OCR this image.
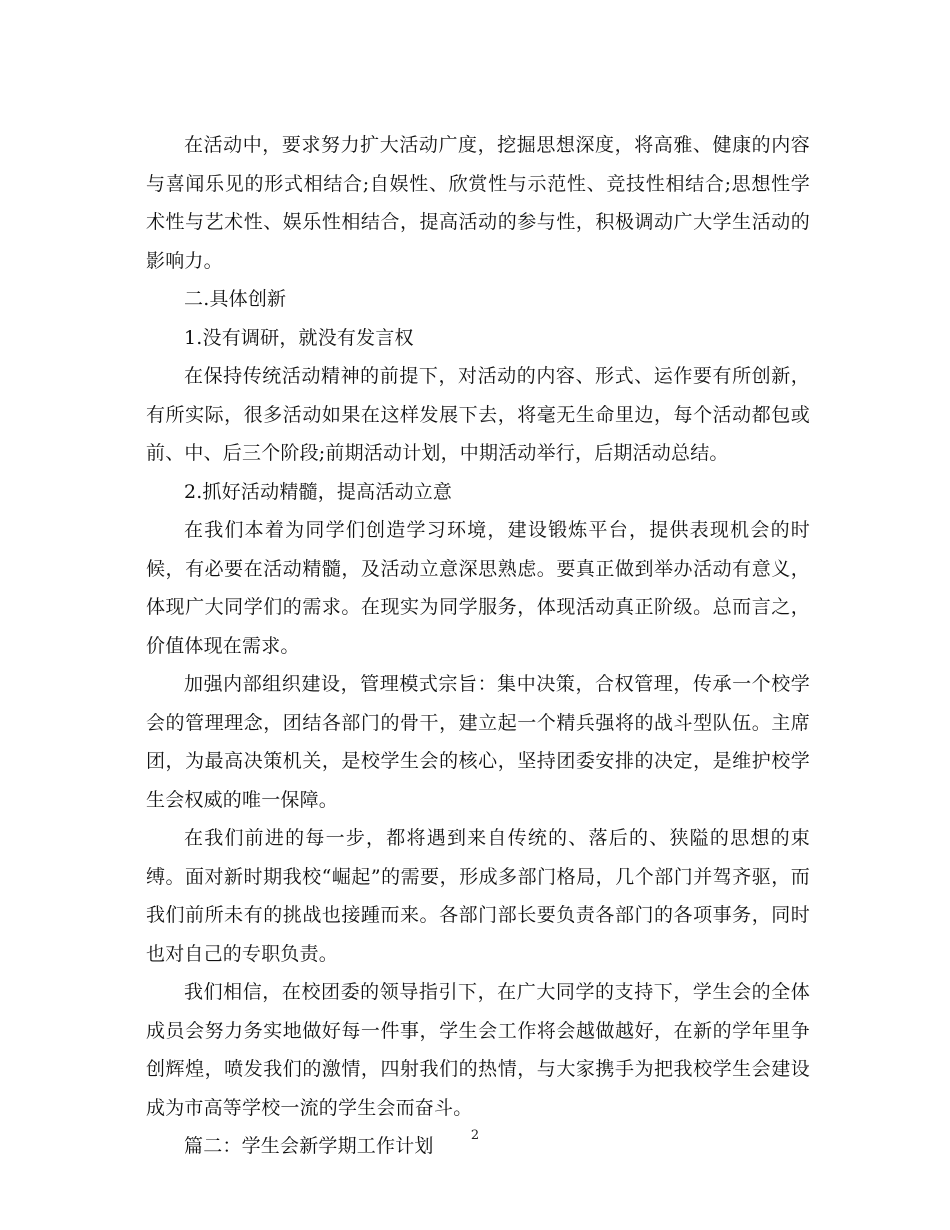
在活动中，要求努力扩大活动广度，挖掘思想深度，将高雅、健康的内容与喜闻乐见的形式相结合;自娱性、欣赏性与示范性、竞技性相结合;思想性学术性与艺术性、娱乐性相结合，提高活动的参与性，积极调动广大学生活动的影响力。

二.具体创新

1.没有调研，就没有发言权

在保持传统活动精神的前提下，对活动的内容、形式、运作要有所创新，有所实际，很多活动如果在这样发展下去，将毫无生命里边，每个活动都包或前、中、后三个阶段;前期活动计划，中期活动举行，后期活动总结。

2.抓好活动精髓，提高活动立意

在我们本着为同学们创造学习环境，建设锻炼平台，提供表现机会的时候，有必要在活动精髓，及活动立意深思熟虑。要真正做到举办活动有意义，体现广大同学们的需求。在现实为同学服务，体现活动真正阶级。总而言之，价值体现在需求。

加强内部组织建设，管理模式宗旨：集中决策，合权管理，传承一个校学会的管理理念，团结各部门的骨干，建立起一个精兵强将的战斗型队伍。主席团，为最高决策机关，是校学生会的核心，坚持团委安排的决定，是维护校学生会权威的唯一保障。

在我们前进的每一步，都将遇到来自传统的、落后的、狭隘的思想的束缚。面对新时期我校“崛起”的需要，形成多部门格局，几个部门并驾齐驱，而我们前所未有的挑战也接踵而来。各部门部长要负责各部门的各项事务，同时也对自己的专职负责。

我们相信，在校团委的领导指引下，在广大同学的支持下，学生会的全体成员会努力务实地做好每一件事，学生会工作将会越做越好，在新的学年里争创辉煌，喷发我们的激情，四射我们的热情，与大家携手为把我校学生会建设成为市高等学校一流的学生会而奋斗。

篇二：学生会新学期工作计划	2
